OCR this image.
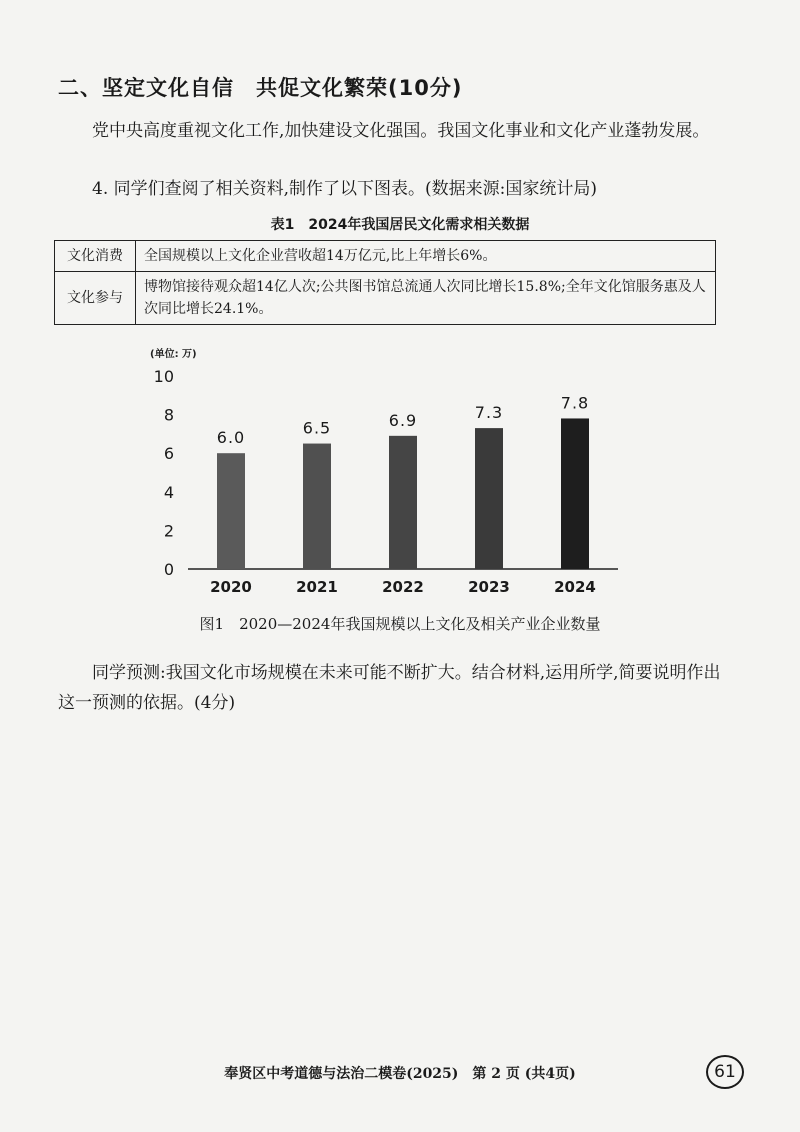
二、坚定文化自信　共促文化繁荣(10分)
党中央高度重视文化工作,加快建设文化强国。我国文化事业和文化产业蓬勃发展。
4. 同学们查阅了相关资料,制作了以下图表。(数据来源:国家统计局)
表1　2024年我国居民文化需求相关数据
文化消费	全国规模以上文化企业营收超14万亿元,比上年增长6%。
文化参与	博物馆接待观众超14亿人次;公共图书馆总流通人次同比增长15.8%;全年文化馆服务惠及人次同比增长24.1%。
(单位: 万)
0
2
4
6
8
10
6.0
6.5	6.9	7.3
7.8
2020	2021	2022	2023	2024
图1　2020—2024年我国规模以上文化及相关产业企业数量
同学预测:我国文化市场规模在未来可能不断扩大。结合材料,运用所学,简要说明作出这一预测的依据。(4分)
奉贤区中考道德与法治二模卷(2025)　第 2 页 (共4页)	61
